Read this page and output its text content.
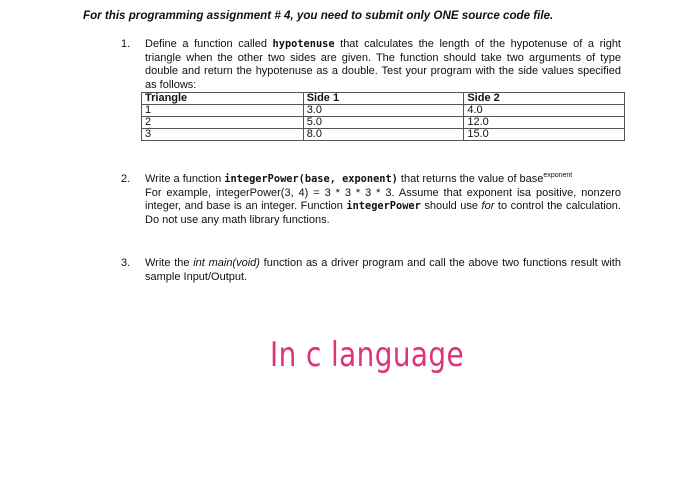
For this programming assignment # 4, you need to submit only ONE source code file.
1. Define a function called hypotenuse that calculates the length of the hypotenuse of a right triangle when the other two sides are given. The function should take two arguments of type double and return the hypotenuse as a double. Test your program with the side values specified as follows:

Triangle	Side 1	Side 2
1	3.0	4.0
2	5.0	12.0
3	8.0	15.0
2. Write a function integerPower(base, exponent) that returns the value of base$^{exponent}$

For example, integerPower(3, 4) = 3 * 3 * 3 * 3. Assume that exponent isa positive, nonzero integer, and base is an integer. Function integerPower should use for to control the calculation. Do not use any math library functions.

3. Write the int main(void) function as a driver program and call the above two functions result with sample Input/Output.

In c language
